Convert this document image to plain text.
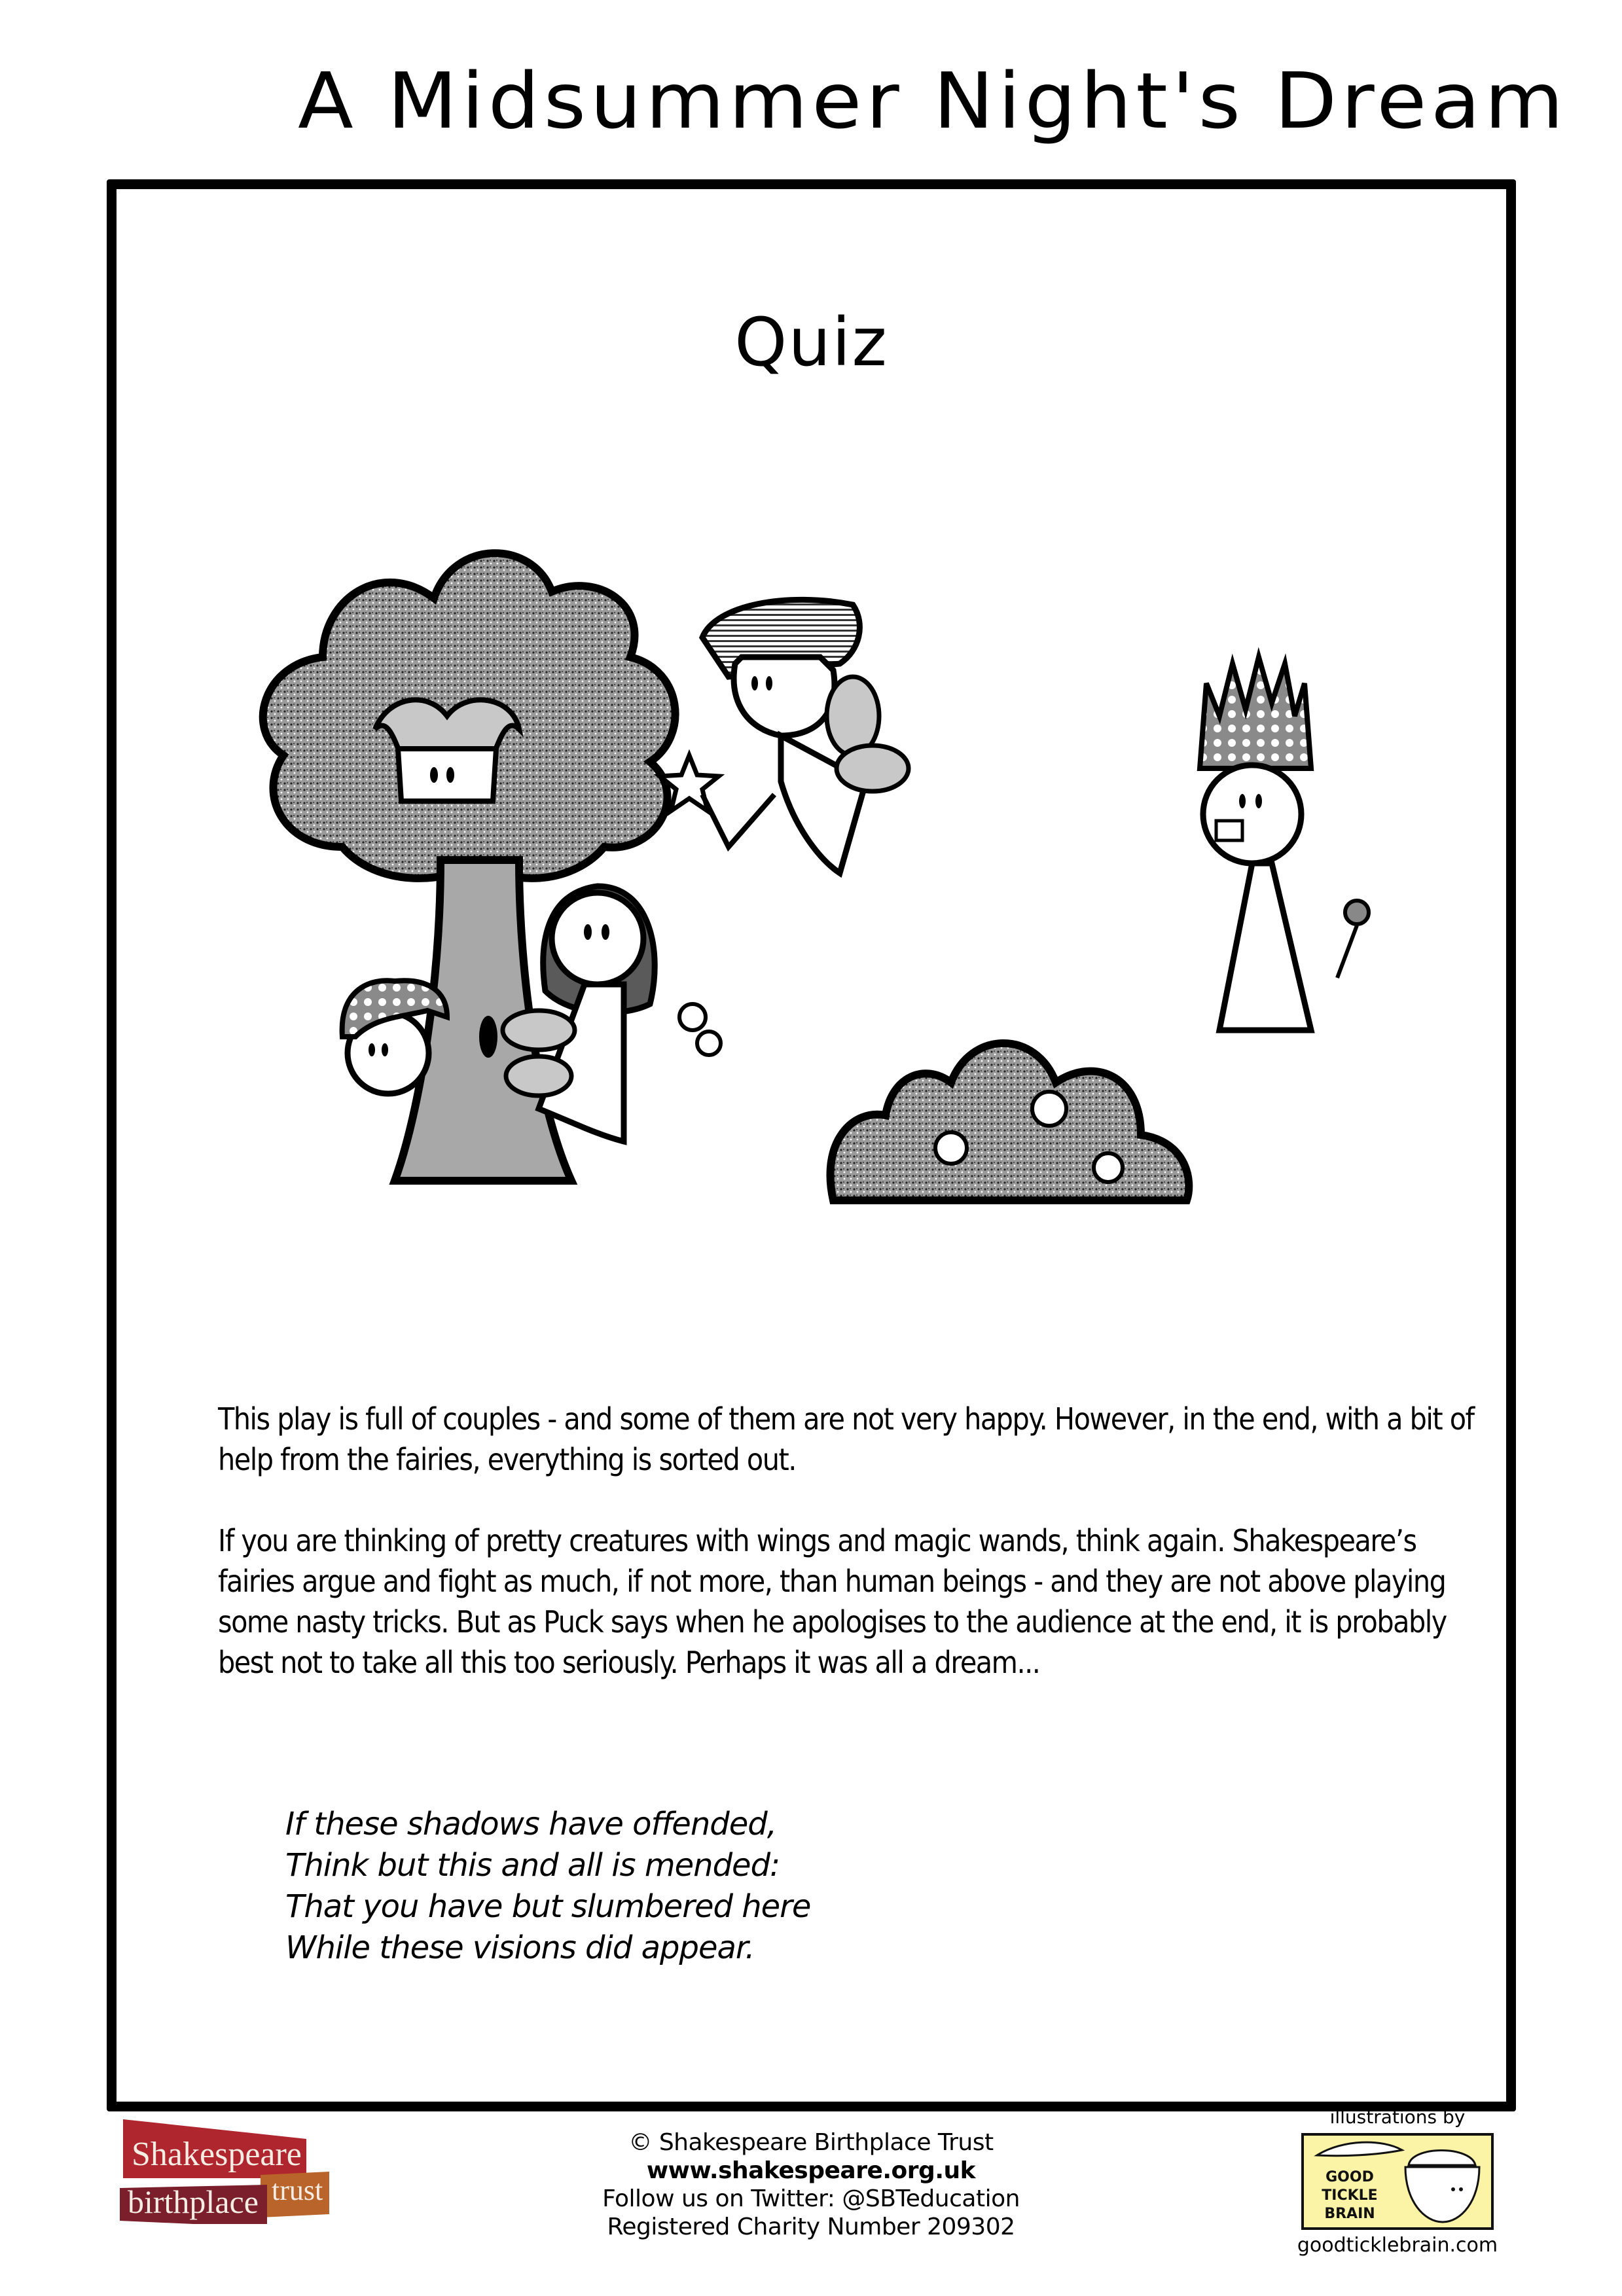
A Midsummer Night's Dream
Quiz

This play is full of couples - and some of them are not very happy. However, in the end, with a bit of help from the fairies, everything is sorted out.

If you are thinking of pretty creatures with wings and magic wands, think again. Shakespeare’s fairies argue and fight as much, if not more, than human beings - and they are not above playing some nasty tricks. But as Puck says when he apologises to the audience at the end, it is probably best not to take all this too seriously. Perhaps it was all a dream...

If these shadows have offended,
Think but this and all is mended:
That you have but slumbered here
While these visions did appear.
Shakespeare
birthplace trust
© Shakespeare Birthplace Trust
www.shakespeare.org.uk
Follow us on Twitter: @SBTeducation
Registered Charity Number 209302
illustrations by
GOOD
TICKLE
BRAIN
goodticklebrain.com
